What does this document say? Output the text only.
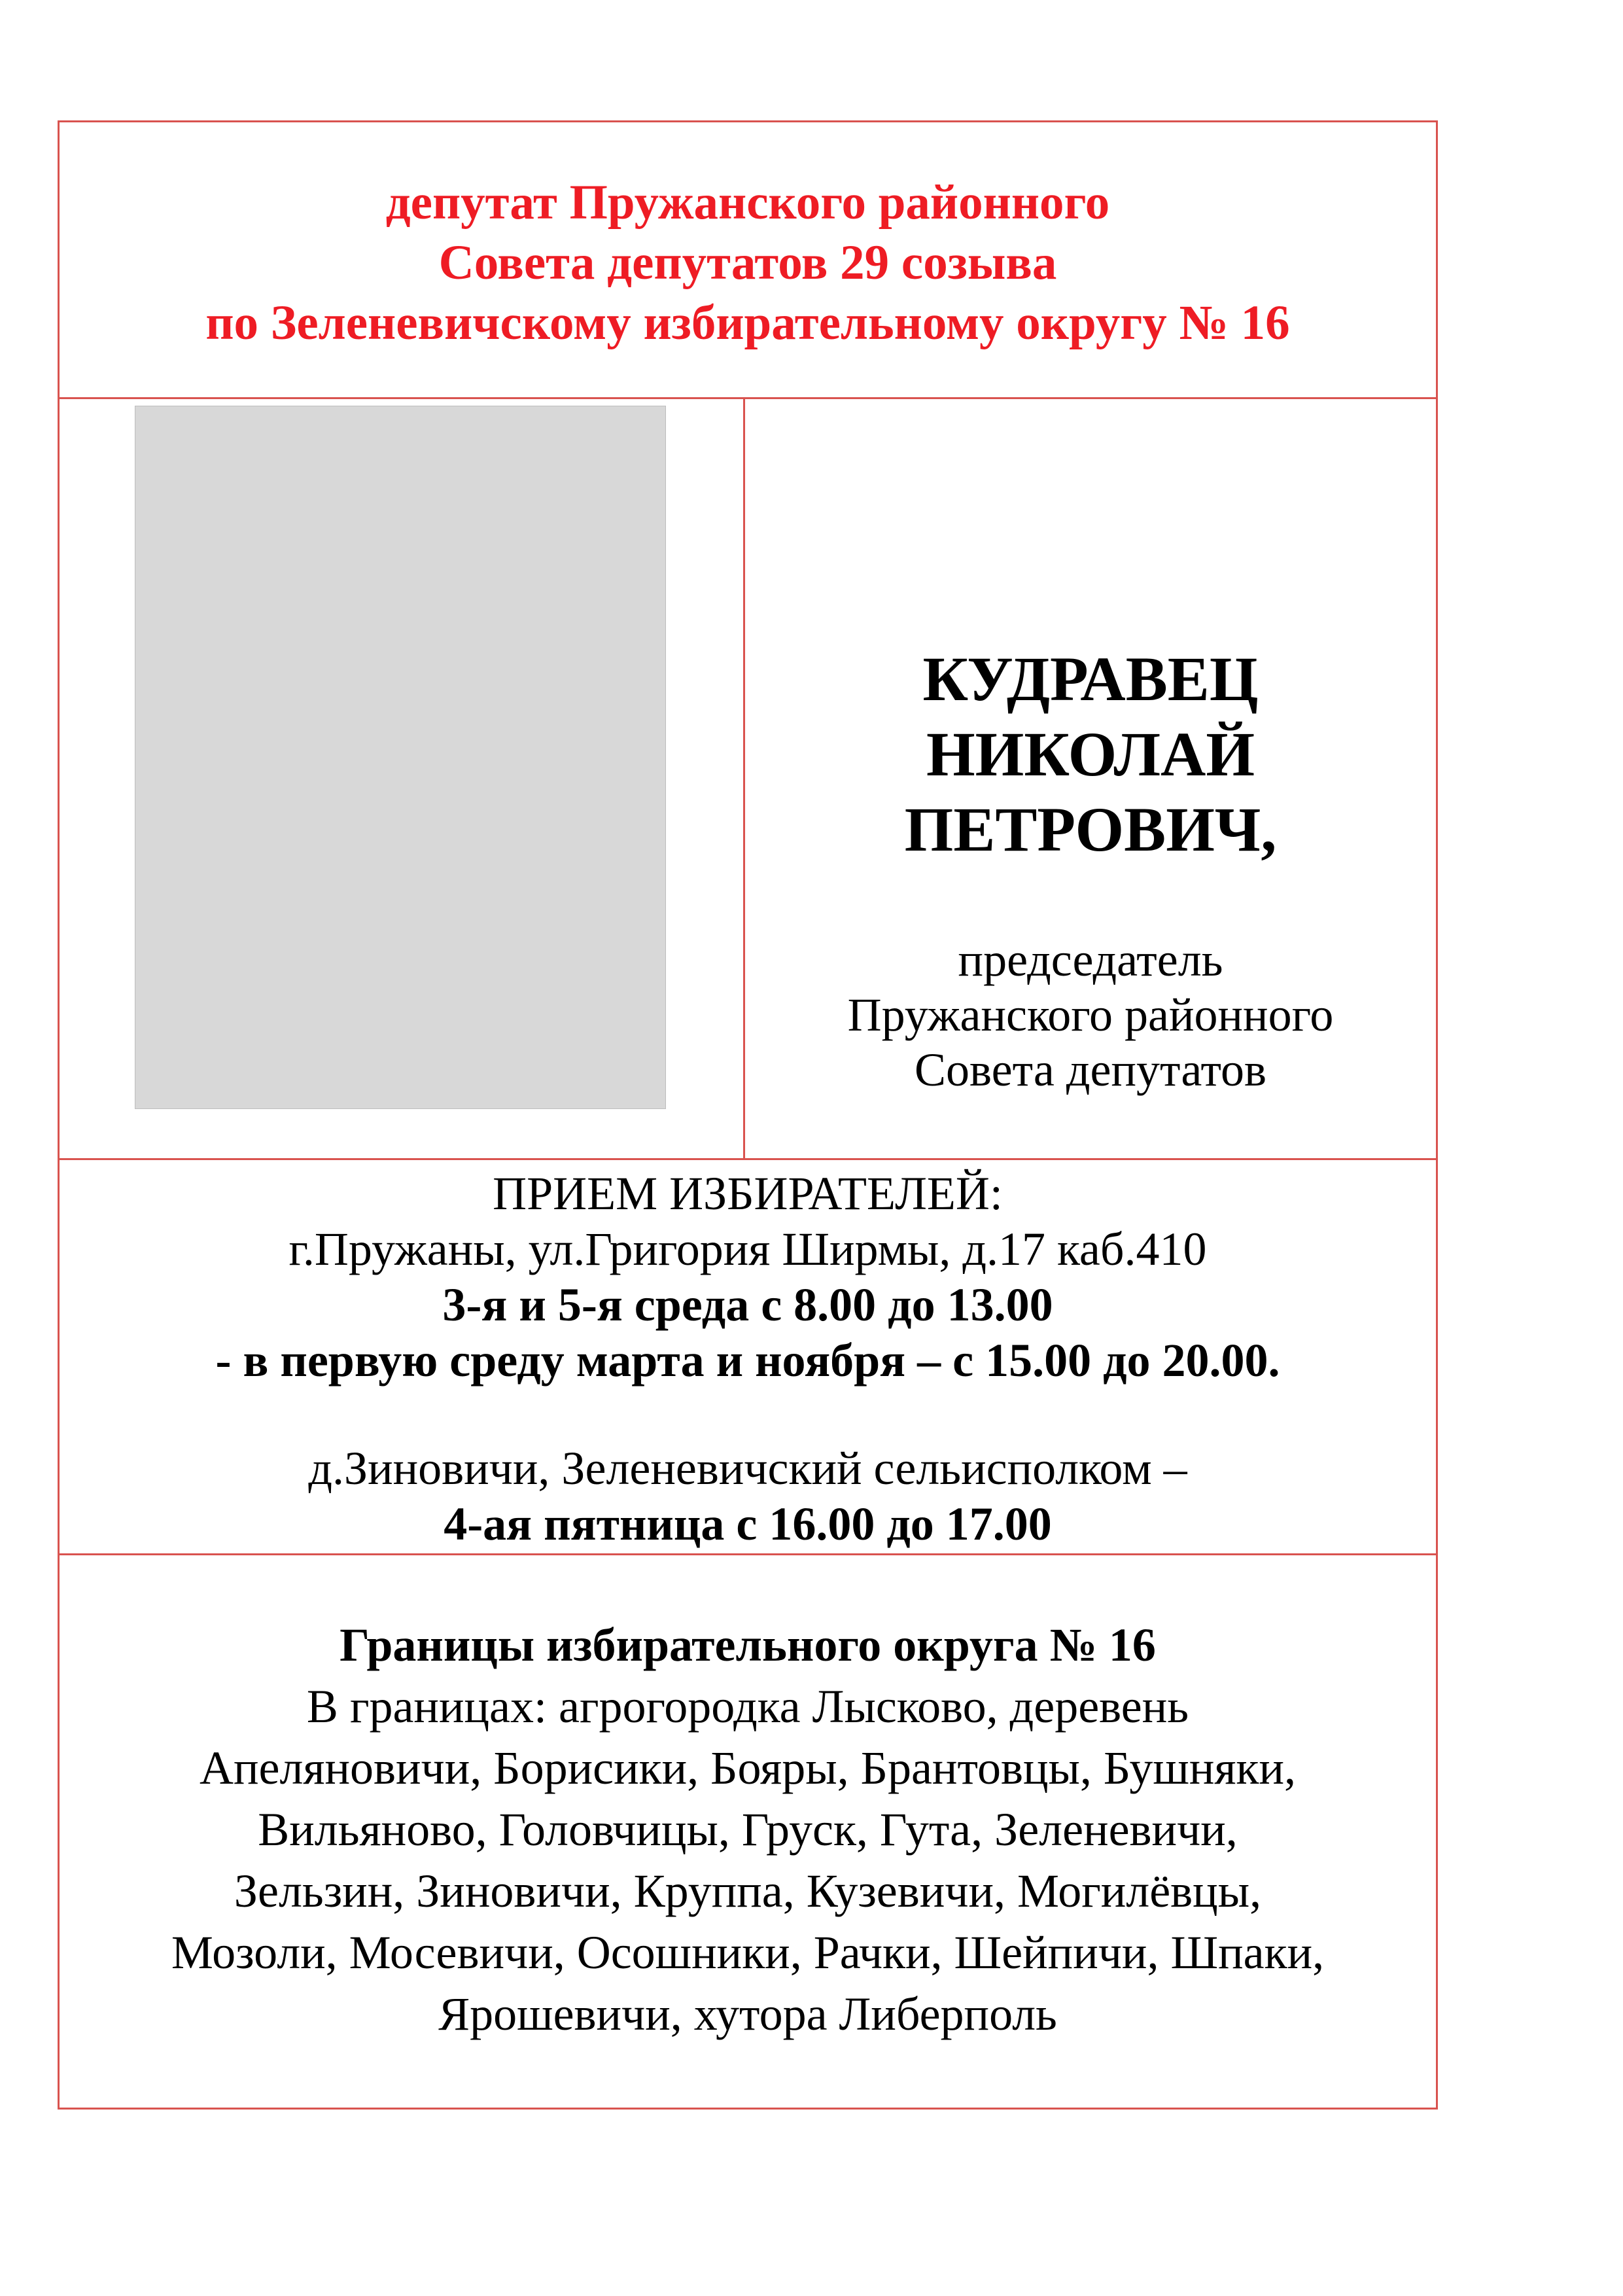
депутат Пружанского районного
Совета депутатов 29 созыва
по Зеленевичскому избирательному округу № 16
КУДРАВЕЦ
НИКОЛАЙ
ПЕТРОВИЧ,
председатель
Пружанского районного
Совета депутатов
ПРИЕМ ИЗБИРАТЕЛЕЙ:
г.Пружаны, ул.Григория Ширмы, д.17 каб.410
3-я и 5-я среда с 8.00 до 13.00
- в первую среду марта и ноября – с 15.00 до 20.00.
д.Зиновичи, Зеленевичский сельисполком –
4-ая пятница с 16.00 до 17.00
Границы избирательного округа № 16
В границах: агрогородка Лысково, деревень
Апеляновичи, Борисики, Бояры, Брантовцы, Бушняки,
Вильяново, Головчицы, Груск, Гута, Зеленевичи,
Зельзин, Зиновичи, Круппа, Кузевичи, Могилёвцы,
Мозоли, Мосевичи, Осошники, Рачки, Шейпичи, Шпаки,
Ярошевичи, хутора Либерполь
